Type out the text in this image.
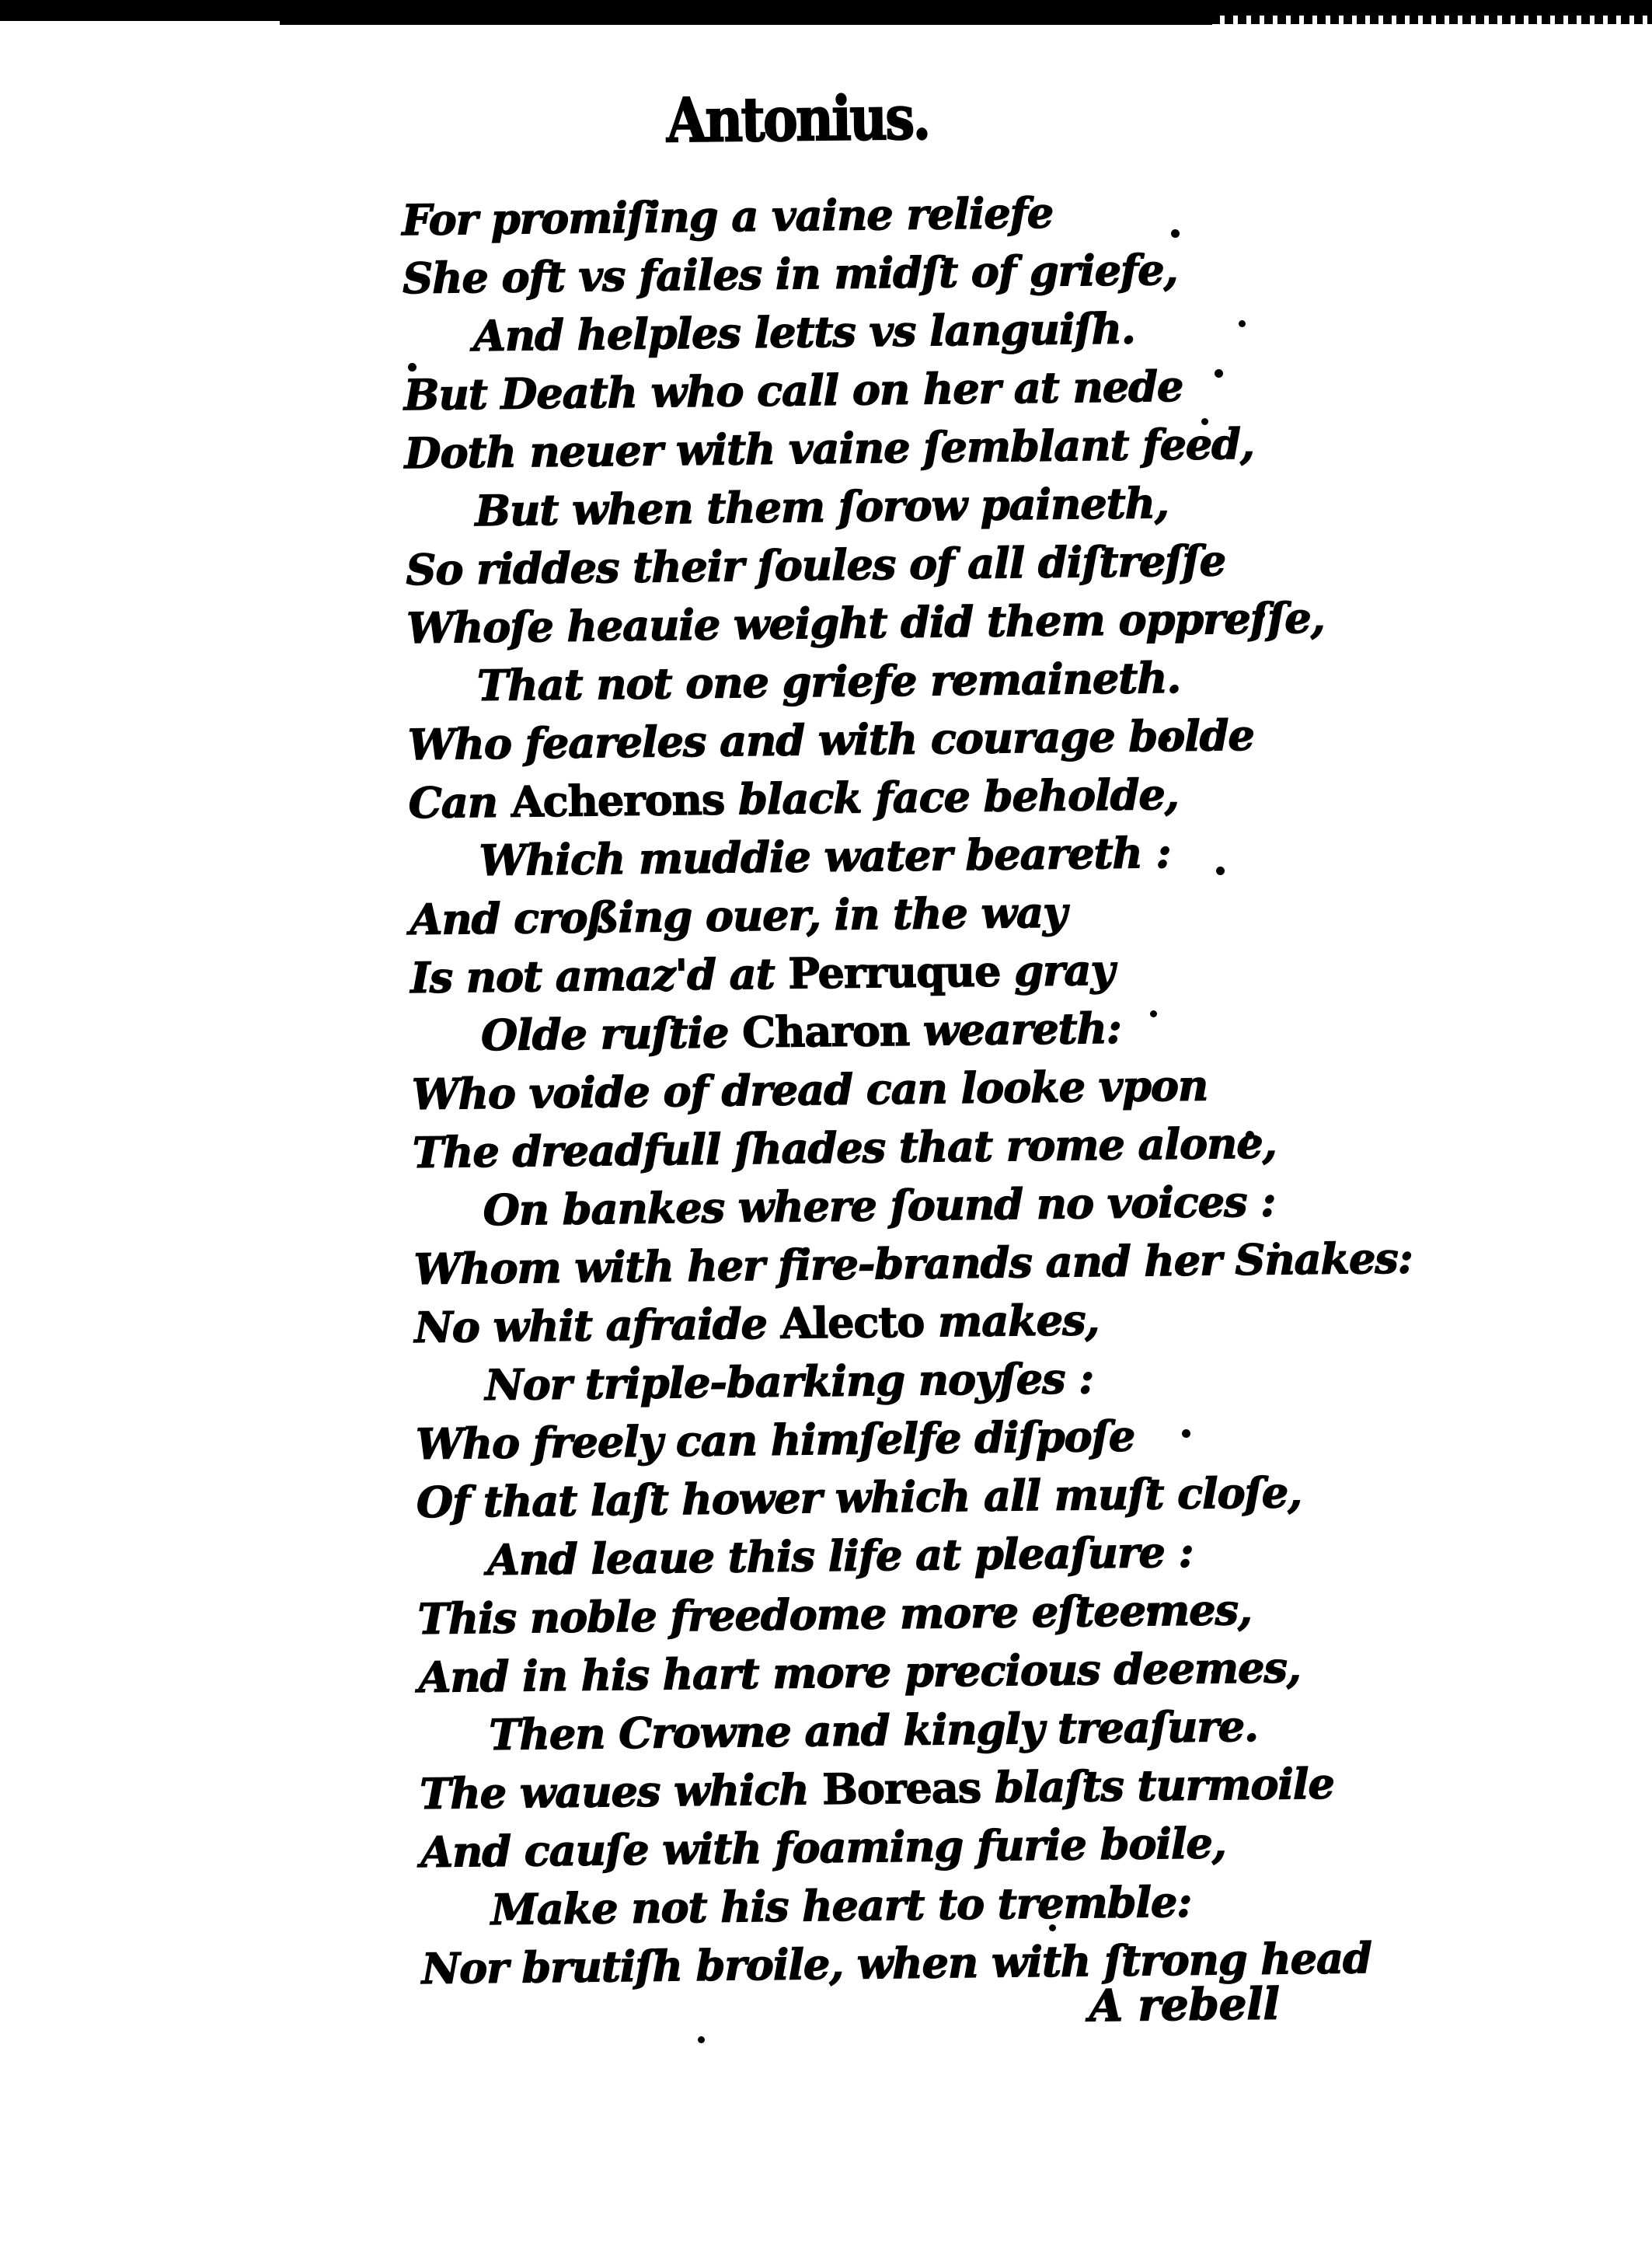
Antonius.
For promiſing a vaine reliefe
She oft vs failes in midſt of griefe,
And helples letts vs languiſh.
But Death who call on her at nede
Doth neuer with vaine ſemblant feed,
But when them ſorow paineth,
So riddes their ſoules of all diſtreſſe
Whoſe heauie weight did them oppreſſe,
That not one griefe remaineth.
Who feareles and with courage bolde
Can Acherons black face beholde,
Which muddie water beareth :
And croßing ouer, in the way
Is not amaz'd at Perruque gray
Olde ruſtie Charon weareth:
Who voide of dread can looke vpon
The dreadfull ſhades that rome alone,
On bankes where ſound no voices :
Whom with her fire-brands and her Snakes:
No whit afraide Alecto makes,
Nor triple-barking noyſes :
Who freely can himſelfe diſpoſe
Of that laſt hower which all muſt cloſe,
And leaue this life at pleaſure :
This noble freedome more eſteemes,
And in his hart more precious deemes,
Then Crowne and kingly treaſure.
The waues which Boreas blaſts turmoile
And cauſe with foaming furie boile,
Make not his heart to tremble:
Nor brutiſh broile, when with ſtrong head
A rebell
